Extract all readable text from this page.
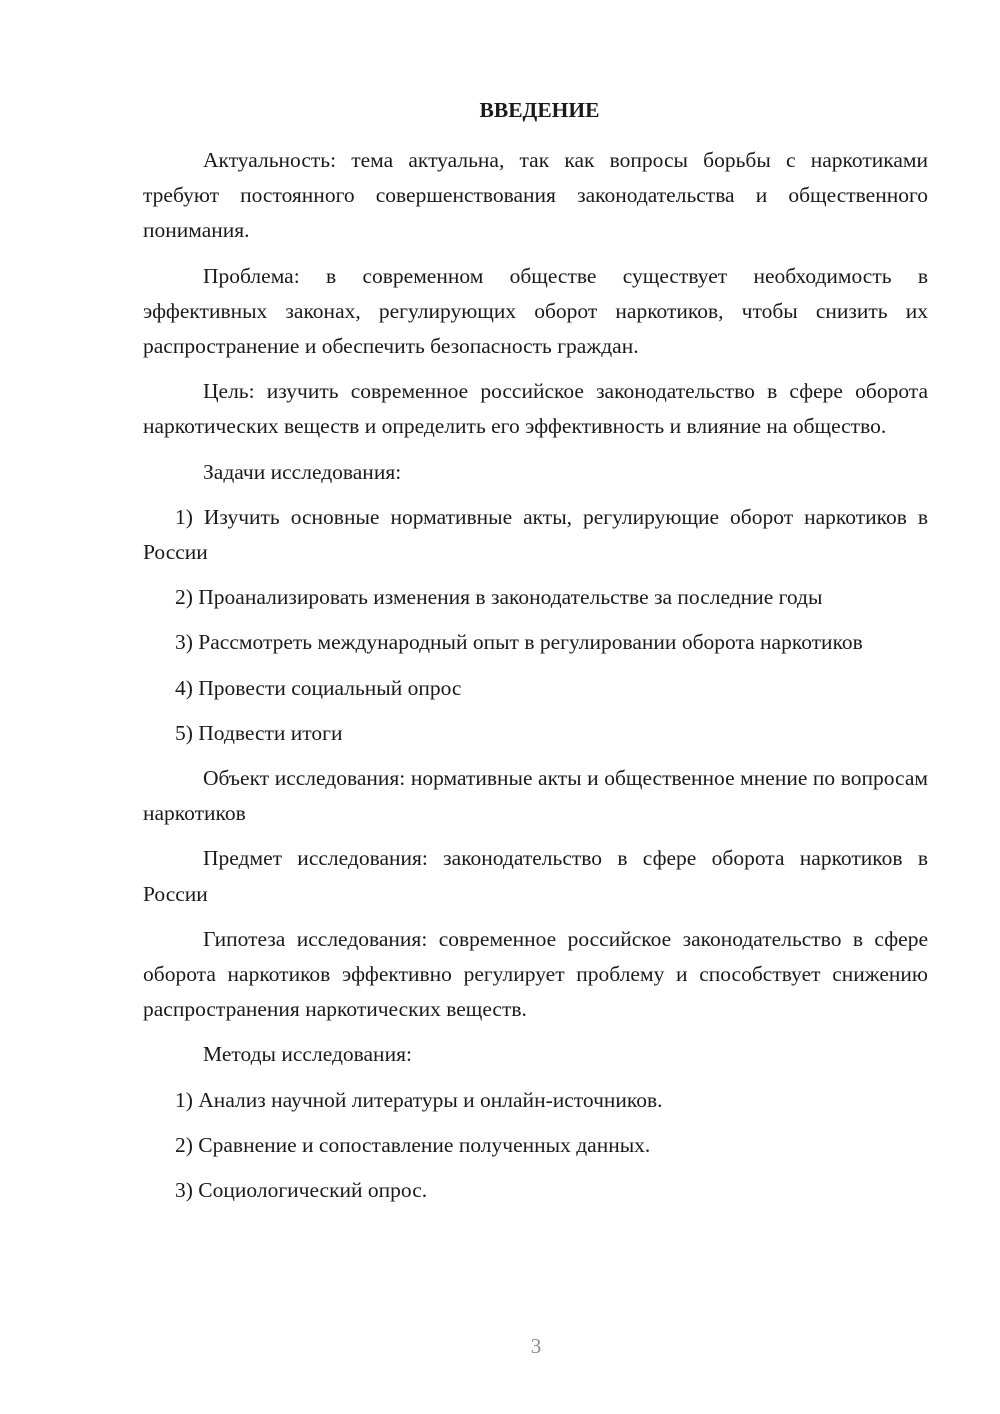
ВВЕДЕНИЕ

Актуальность: тема актуальна, так как вопросы борьбы с наркотиками требуют постоянного совершенствования законодательства и общественного понимания.

Проблема: в современном обществе существует необходимость в эффективных законах, регулирующих оборот наркотиков, чтобы снизить их распространение и обеспечить безопасность граждан.

Цель: изучить современное российское законодательство в сфере оборота наркотических веществ и определить его эффективность и влияние на общество.

Задачи исследования:

1) Изучить основные нормативные акты, регулирующие оборот наркотиков в России

2) Проанализировать изменения в законодательстве за последние годы

3) Рассмотреть международный опыт в регулировании оборота наркотиков

4) Провести социальный опрос

5) Подвести итоги

Объект исследования: нормативные акты и общественное мнение по вопросам наркотиков

Предмет исследования: законодательство в сфере оборота наркотиков в России

Гипотеза исследования: современное российское законодательство в сфере оборота наркотиков эффективно регулирует проблему и способствует снижению распространения наркотических веществ.

Методы исследования:

1) Анализ научной литературы и онлайн-источников.

2) Сравнение и сопоставление полученных данных.

3) Социологический опрос.

3
